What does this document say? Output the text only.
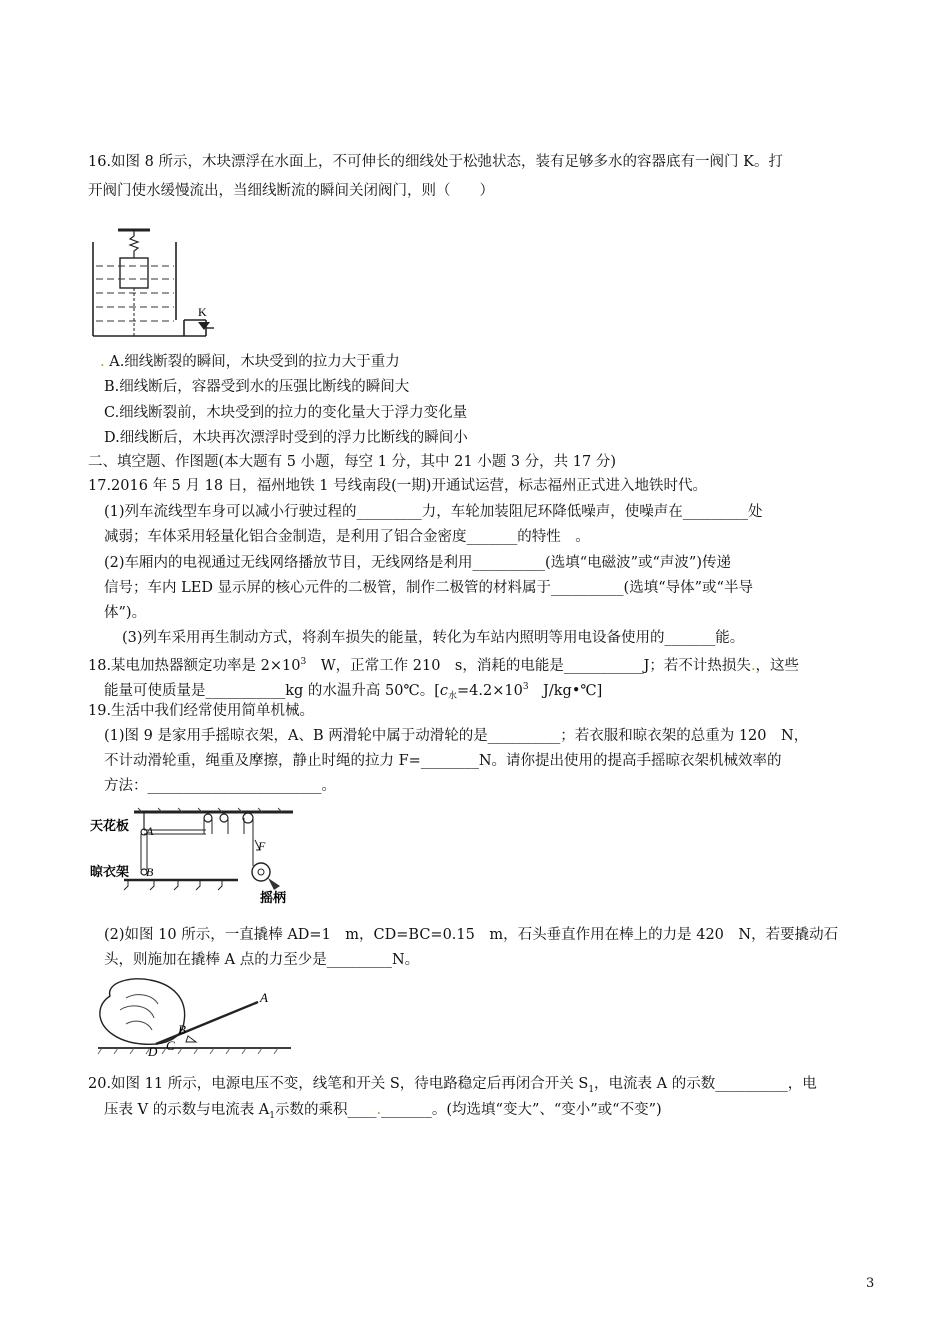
16.如图 8 所示，木块漂浮在水面上，不可伸长的细线处于松弛状态，装有足够多水的容器底有一阀门 K。打
开阀门使水缓慢流出，当细线断流的瞬间关闭阀门，则（　　）
K
. A.细线断裂的瞬间，木块受到的拉力大于重力
B.细线断后，容器受到水的压强比断线的瞬间大
C.细线断裂前，木块受到的拉力的变化量大于浮力变化量
D.细线断后，木块再次漂浮时受到的浮力比断线的瞬间小
二、填空题、作图题(本大题有 5 小题，每空 1 分，其中 21 小题 3 分，共 17 分)
17.2016 年 5 月 18 日，福州地铁 1 号线南段(一期)开通试运营，标志福州正式进入地铁时代。
(1)列车流线型车身可以减小行驶过程的_________力，车轮加装阻尼环降低噪声，使噪声在_________处
减弱；车体采用轻量化铝合金制造，是利用了铝合金密度_______的特性　。
(2)车厢内的电视通过无线网络播放节目，无线网络是利用__________(选填“电磁波”或“声波”)传递
信号；车内 LED 显示屏的核心元件的二极管，制作二极管的材料属于__________(选填“导体”或“半导
体”)。
(3)列车采用再生制动方式，将刹车损失的能量，转化为车站内照明等用电设备使用的_______能。
18.某电加热器额定功率是 $2\times 10^3$　W，正常工作 210　s，消耗的电能是___________J；若不计热损失.，这些
能量可使质量是___________kg 的水温升高 50℃。[$c_水=4.2\times 10^3$　J/kg•℃]
19.生活中我们经常使用简单机械。
(1)图 9 是家用手摇晾衣架，A、B 两滑轮中属于动滑轮的是__________；若衣服和晾衣架的总重为 120　N，
不计动滑轮重，绳重及摩擦，静止时绳的拉力 F=________N。请你提出使用的提高手摇晾衣架机械效率的
方法：________________________。
天花板 A
F
摇柄
晾衣架 B
(2)如图 10 所示，一直撬棒 AD=1　m，CD=BC=0.15　m，石头垂直作用在棒上的力是 420　N，若要撬动石
头，则施加在撬棒 A 点的力至少是_________N。
A
B
C
D
20.如图 11 所示，电源电压不变，线笔和开关 S，待电路稳定后再闭合开关 $S_1$，电流表 A 的示数__________，电
压表 V 的示数与电流表 $A_1$示数的乘积____._______。(均选填“变大”、“变小”或“不变”)
3
